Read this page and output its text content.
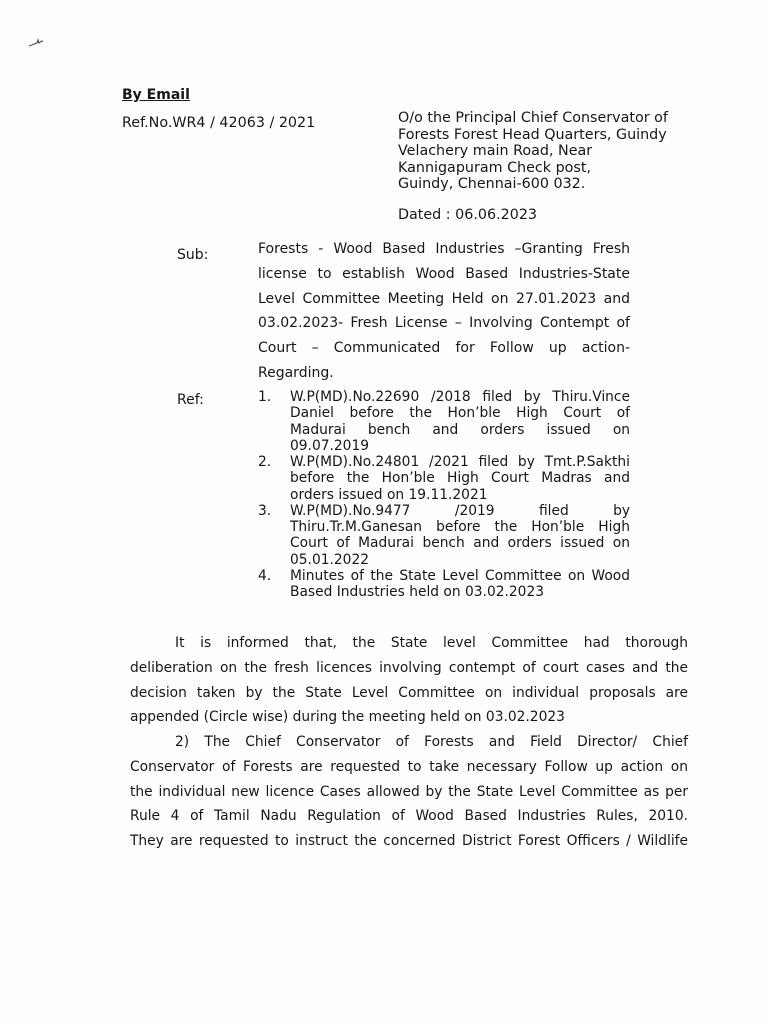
By Email
Ref.No.WR4 / 42063 / 2021	O/o the Principal Chief Conservator of
Forests Forest Head Quarters, Guindy
Velachery main Road, Near
Kannigapuram Check post,
Guindy, Chennai-600 032.
Dated : 06.06.2023
Sub:	Forests - Wood Based Industries –Granting Fresh
license to establish Wood Based Industries-State
Level Committee Meeting Held on 27.01.2023 and
03.02.2023- Fresh License – Involving Contempt of
Court – Communicated for Follow up action-
Regarding.
Ref:	1. W.P(MD).No.22690 /2018 filed by Thiru.Vince
Daniel before the Hon’ble High Court of
Madurai bench and orders issued on
09.07.2019
2. W.P(MD).No.24801 /2021 filed by Tmt.P.Sakthi
before the Hon’ble High Court Madras and
orders issued on 19.11.2021
3. W.P(MD).No.9477 /2019 filed by
Thiru.Tr.M.Ganesan before the Hon’ble High
Court of Madurai bench and orders issued on
05.01.2022
4. Minutes of the State Level Committee on Wood
Based Industries held on 03.02.2023
It is informed that, the State level Committee had thorough
deliberation on the fresh licences involving contempt of court cases and the
decision taken by the State Level Committee on individual proposals are
appended (Circle wise) during the meeting held on 03.02.2023
2) The Chief Conservator of Forests and Field Director/ Chief
Conservator of Forests are requested to take necessary Follow up action on
the individual new licence Cases allowed by the State Level Committee as per
Rule 4 of Tamil Nadu Regulation of Wood Based Industries Rules, 2010.
They are requested to instruct the concerned District Forest Officers / Wildlife
